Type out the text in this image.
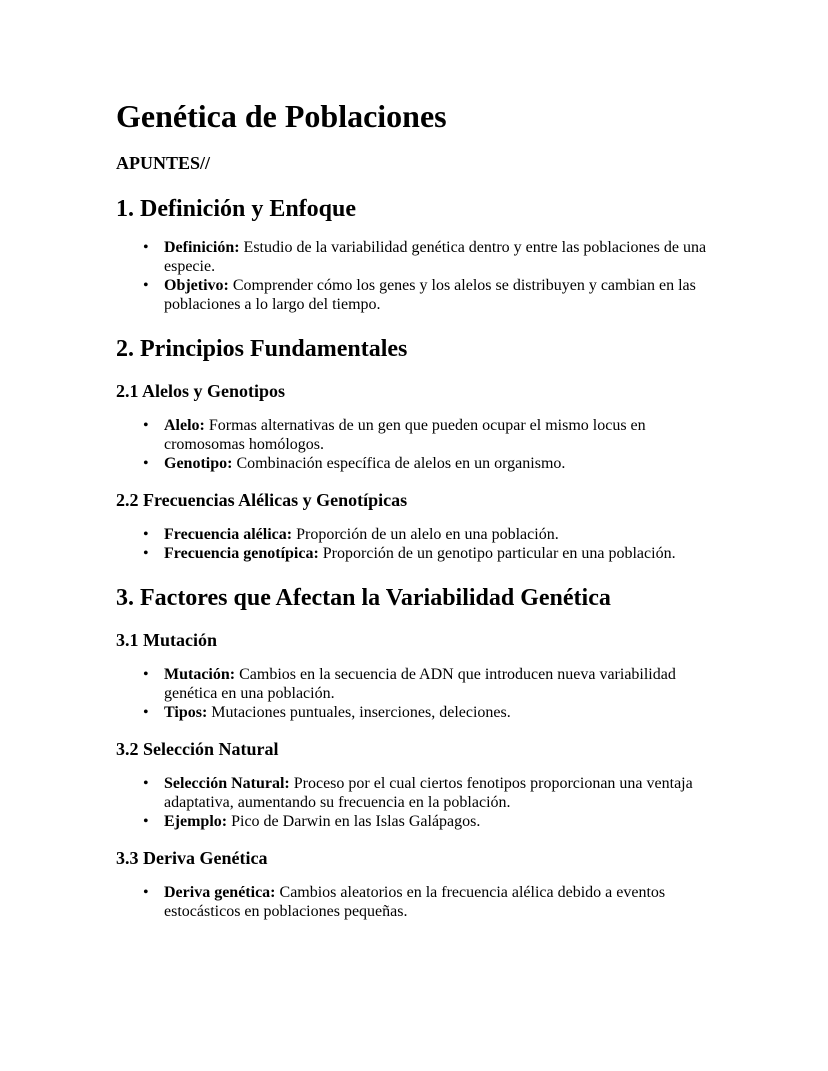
Genética de Poblaciones
APUNTES//
1. Definición y Enfoque
• Definición: Estudio de la variabilidad genética dentro y entre las poblaciones de una especie.
• Objetivo: Comprender cómo los genes y los alelos se distribuyen y cambian en las poblaciones a lo largo del tiempo.
2. Principios Fundamentales
2.1 Alelos y Genotipos
• Alelo: Formas alternativas de un gen que pueden ocupar el mismo locus en cromosomas homólogos.
• Genotipo: Combinación específica de alelos en un organismo.
2.2 Frecuencias Alélicas y Genotípicas
• Frecuencia alélica: Proporción de un alelo en una población.
• Frecuencia genotípica: Proporción de un genotipo particular en una población.
3. Factores que Afectan la Variabilidad Genética
3.1 Mutación
• Mutación: Cambios en la secuencia de ADN que introducen nueva variabilidad genética en una población.
• Tipos: Mutaciones puntuales, inserciones, deleciones.
3.2 Selección Natural
• Selección Natural: Proceso por el cual ciertos fenotipos proporcionan una ventaja adaptativa, aumentando su frecuencia en la población.
• Ejemplo: Pico de Darwin en las Islas Galápagos.
3.3 Deriva Genética
• Deriva genética: Cambios aleatorios en la frecuencia alélica debido a eventos estocásticos en poblaciones pequeñas.
